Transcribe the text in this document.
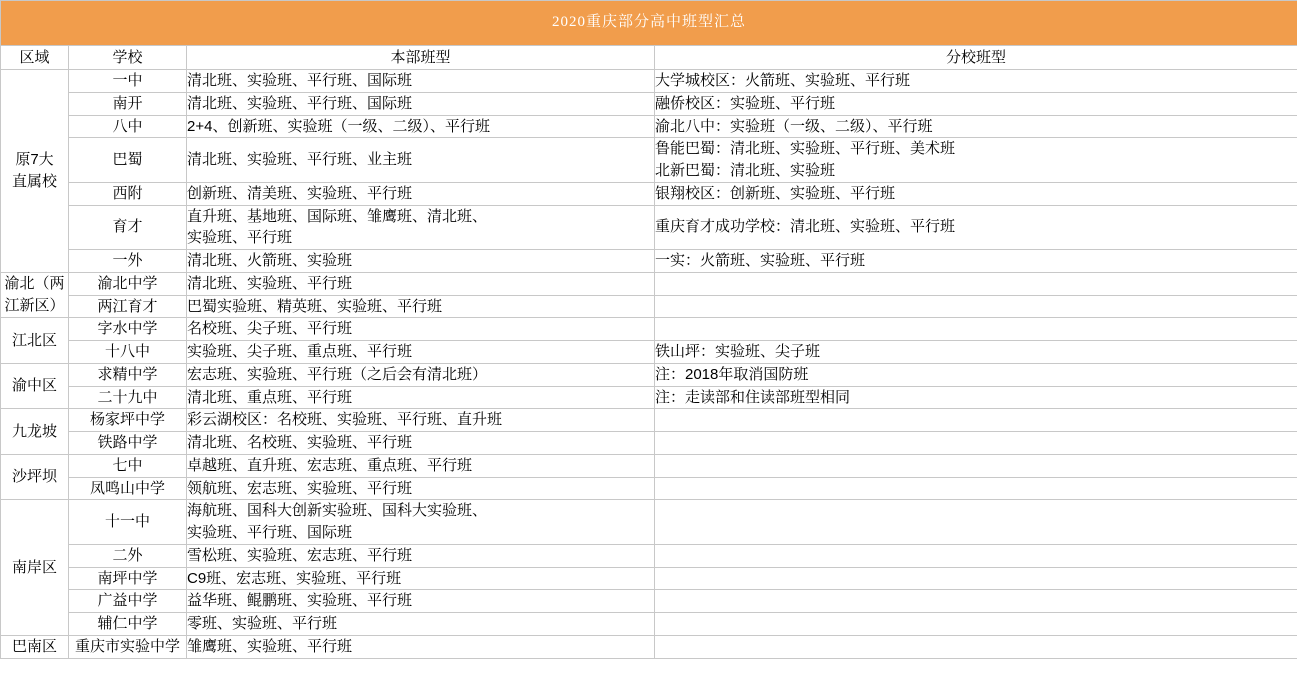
2020重庆部分高中班型汇总			
区域	学校	本部班型	分校班型

原7大
直属校	一中	清北班、实验班、平行班、国际班	大学城校区：火箭班、实验班、平行班

	南开	清北班、实验班、平行班、国际班	融侨校区：实验班、平行班

	八中	2+4、创新班、实验班（一级、二级）、平行班	渝北八中：实验班（一级、二级）、平行班

	巴蜀	清北班、实验班、平行班、业主班	鲁能巴蜀：清北班、实验班、平行班、美术班
北新巴蜀：清北班、实验班

	西附	创新班、清美班、实验班、平行班	银翔校区：创新班、实验班、平行班

	育才	直升班、基地班、国际班、雏鹰班、清北班、
实验班、平行班	重庆育才成功学校：清北班、实验班、平行班

	一外	清北班、火箭班、实验班	一实：火箭班、实验班、平行班

渝北（两
江新区）	渝北中学	清北班、实验班、平行班	

	两江育才	巴蜀实验班、精英班、实验班、平行班	

江北区	字水中学	名校班、尖子班、平行班	

	十八中	实验班、尖子班、重点班、平行班	铁山坪：实验班、尖子班

渝中区	求精中学	宏志班、实验班、平行班（之后会有清北班）	注：2018年取消国防班

	二十九中	清北班、重点班、平行班	注：走读部和住读部班型相同

九龙坡	杨家坪中学	彩云湖校区：名校班、实验班、平行班、直升班	

	铁路中学	清北班、名校班、实验班、平行班	

沙坪坝	七中	卓越班、直升班、宏志班、重点班、平行班	

	凤鸣山中学	领航班、宏志班、实验班、平行班	

南岸区	十一中	海航班、国科大创新实验班、国科大实验班、
实验班、平行班、国际班	

	二外	雪松班、实验班、宏志班、平行班	

	南坪中学	C9班、宏志班、实验班、平行班	

	广益中学	益华班、鲲鹏班、实验班、平行班	

	辅仁中学	零班、实验班、平行班	

巴南区	重庆市实验中学	雏鹰班、实验班、平行班	
